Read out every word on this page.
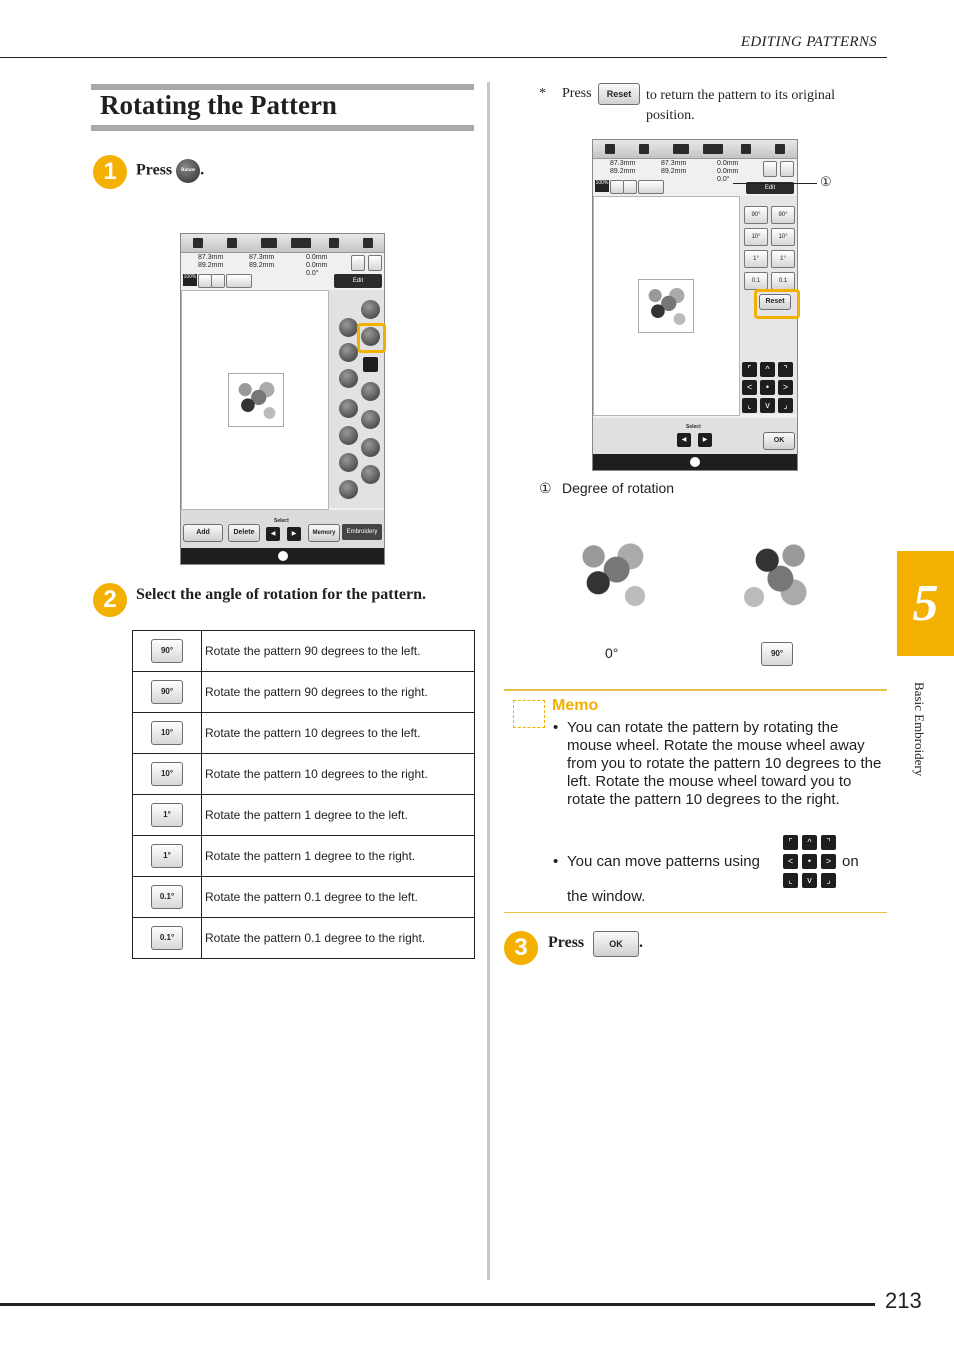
EDITING PATTERNS
Rotating the Pattern
1	Press Rotate .
87.3mm
89.2mm
87.3mm
89.2mm
0.0mm
0.0mm
0.0°
100%
Edit
Add	Delete
Select
◀	▶	Memory	Embroidery
2	Select the angle of rotation for the pattern.
90°	Rotate the pattern 90 degrees to the left.
90°	Rotate the pattern 90 degrees to the right.
10°	Rotate the pattern 10 degrees to the left.
10°	Rotate the pattern 10 degrees to the right.
1°	Rotate the pattern 1 degree to the left.
1°	Rotate the pattern 1 degree to the right.
0.1°	Rotate the pattern 0.1 degree to the left.
0.1°	Rotate the pattern 0.1 degree to the right.
* Press	Reset	to return the pattern to its original position.
87.3mm
89.2mm
87.3mm
89.2mm
0.0mm
0.0mm
0.0°
100%
Edit
90°	90°
10°	10°
1°	1°
0.1	0.1
Reset
⌜	^	⌝
<	•	>
⌞	v	⌟
Select
◀	▶	OK
①
① Degree of rotation
0°	90°
5
Basic Embroidery
Memo
• You can rotate the pattern by rotating the mouse wheel. Rotate the mouse wheel away from you to rotate the pattern 10 degrees to the left. Rotate the mouse wheel toward you to rotate the pattern 10 degrees to the right.
• You can move patterns using
⌜	^	⌝
<	•	>
⌞	v	⌟
on
the window.
3	Press	OK	.
213
